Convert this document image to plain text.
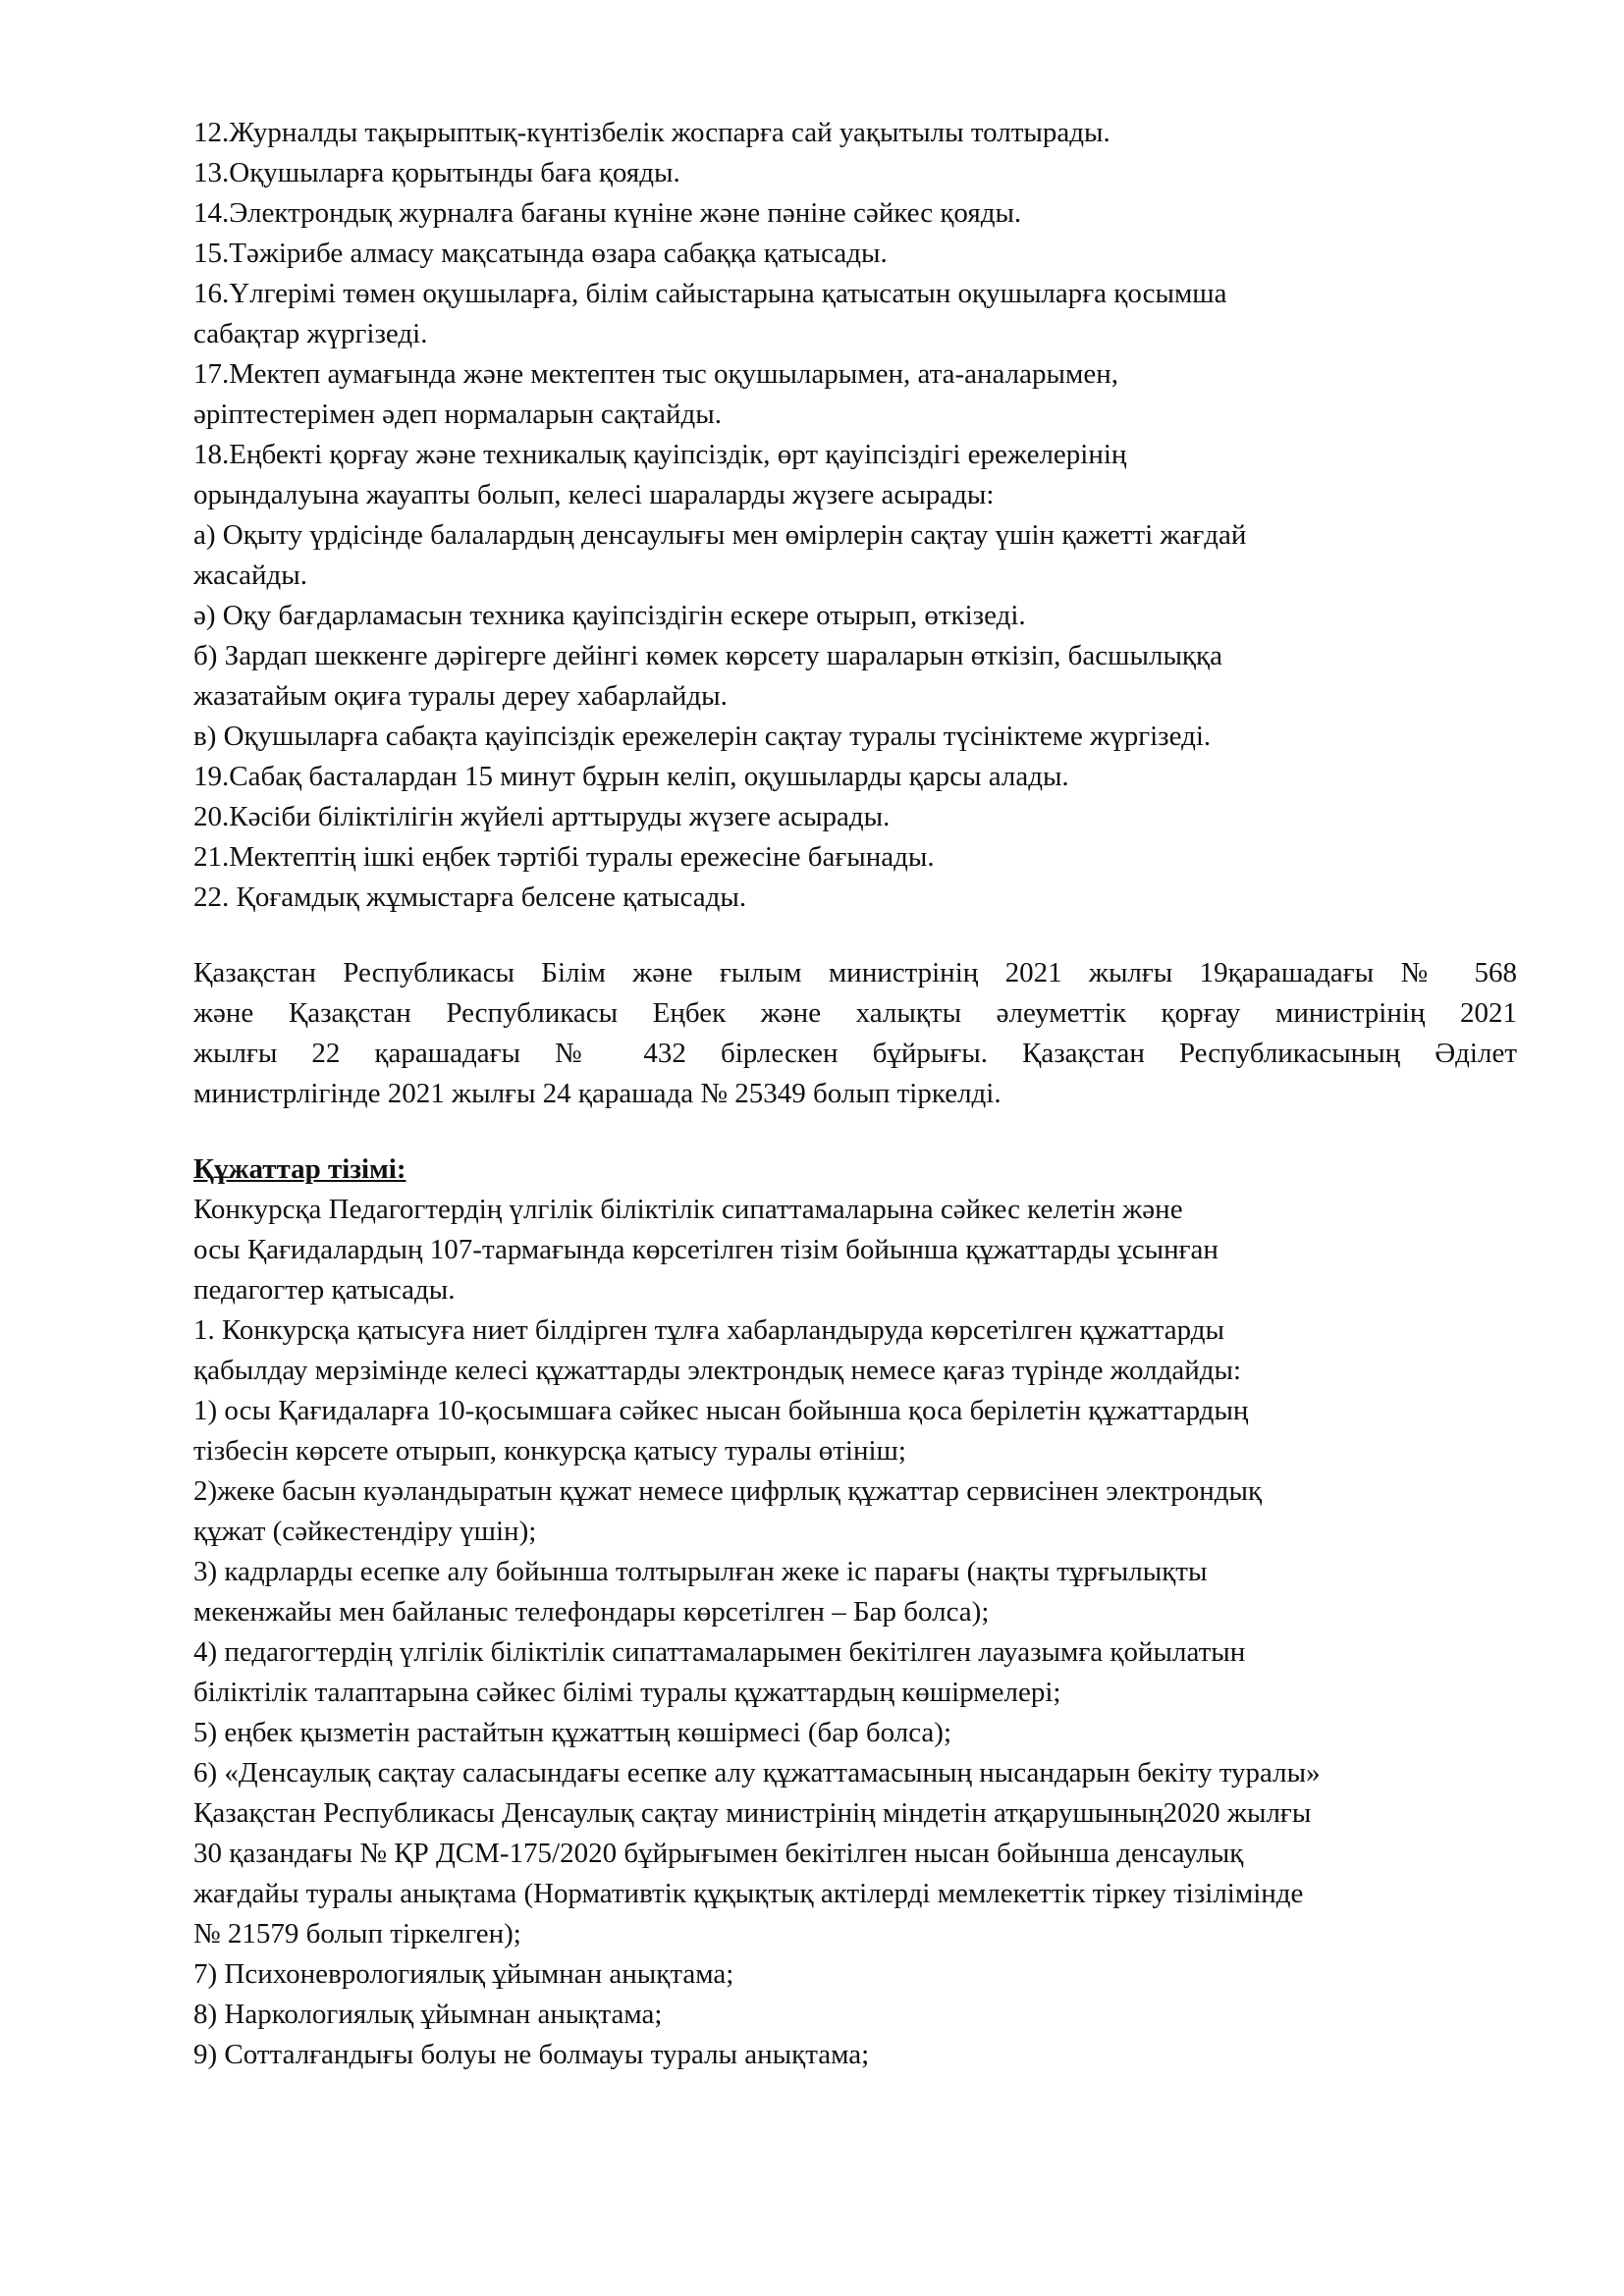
12.Журналды тақырыптық-күнтізбелік жоспарға сай уақытылы толтырады.
13.Оқушыларға қорытынды баға қояды.
14.Электрондық журналға бағаны күніне және пәніне сәйкес қояды.
15.Тәжірибе алмасу мақсатында өзара сабаққа қатысады.
16.Үлгерімі төмен оқушыларға, білім сайыстарына қатысатын оқушыларға қосымша
сабақтар жүргізеді.
17.Мектеп аумағында және мектептен тыс оқушыларымен, ата-аналарымен,
әріптестерімен әдеп нормаларын сақтайды.
18.Еңбекті қорғау және техникалық қауіпсіздік, өрт қауіпсіздігі ережелерінің
орындалуына жауапты болып, келесі шараларды жүзеге асырады:
а) Оқыту үрдісінде балалардың денсаулығы мен өмірлерін сақтау үшін қажетті жағдай
жасайды.
ә) Оқу бағдарламасын техника қауіпсіздігін ескере отырып, өткізеді.
б) Зардап шеккенге дәрігерге дейінгі көмек көрсету шараларын өткізіп, басшылыққа
жазатайым оқиға туралы дереу хабарлайды.
в) Оқушыларға сабақта қауіпсіздік ережелерін сақтау туралы түсініктеме жүргізеді.
19.Сабақ басталардан 15 минут бұрын келіп, оқушыларды қарсы алады.
20.Кәсіби біліктілігін жүйелі арттыруды жүзеге асырады.
21.Мектептің ішкі еңбек тәртібі туралы ережесіне бағынады.
22. Қоғамдық жұмыстарға белсене қатысады.
Қазақстан Республикасы Білім және ғылым министрінің 2021 жылғы 19қарашадағы № 568
және Қазақстан Республикасы Еңбек және халықты әлеуметтік қорғау министрінің 2021
жылғы 22 қарашадағы № 432 бірлескен бұйрығы. Қазақстан Республикасының Әділет
министрлігінде 2021 жылғы 24 қарашада № 25349 болып тіркелді.
Құжаттар тізімі:
Конкурсқа Педагогтердің үлгілік біліктілік сипаттамаларына сәйкес келетін және
осы Қағидалардың 107-тармағында көрсетілген тізім бойынша құжаттарды ұсынған
педагогтер қатысады.
1. Конкурсқа қатысуға ниет білдірген тұлға хабарландыруда көрсетілген құжаттарды
қабылдау мерзімінде келесі құжаттарды электрондық немесе қағаз түрінде жолдайды:
1) осы Қағидаларға 10-қосымшаға сәйкес нысан бойынша қоса берілетін құжаттардың
тізбесін көрсете отырып, конкурсқа қатысу туралы өтініш;
2)жеке басын куәландыратын құжат немесе цифрлық құжаттар сервисінен электрондық
құжат (сәйкестендіру үшін);
3) кадрларды есепке алу бойынша толтырылған жеке іс парағы (нақты тұрғылықты
мекенжайы мен байланыс телефондары көрсетілген – Бар болса);
4) педагогтердің үлгілік біліктілік сипаттамаларымен бекітілген лауазымға қойылатын
біліктілік талаптарына сәйкес білімі туралы құжаттардың көшірмелері;
5) еңбек қызметін растайтын құжаттың көшірмесі (бар болса);
6) «Денсаулық сақтау саласындағы есепке алу құжаттамасының нысандарын бекіту туралы»
Қазақстан Республикасы Денсаулық сақтау министрінің міндетін атқарушының2020 жылғы
30 қазандағы № ҚР ДСМ-175/2020 бұйрығымен бекітілген нысан бойынша денсаулық
жағдайы туралы анықтама (Нормативтік құқықтық актілерді мемлекеттік тіркеу тізілімінде
№ 21579 болып тіркелген);
7) Психоневрологиялық ұйымнан анықтама;
8) Наркологиялық ұйымнан анықтама;
9) Сотталғандығы болуы не болмауы туралы анықтама;
